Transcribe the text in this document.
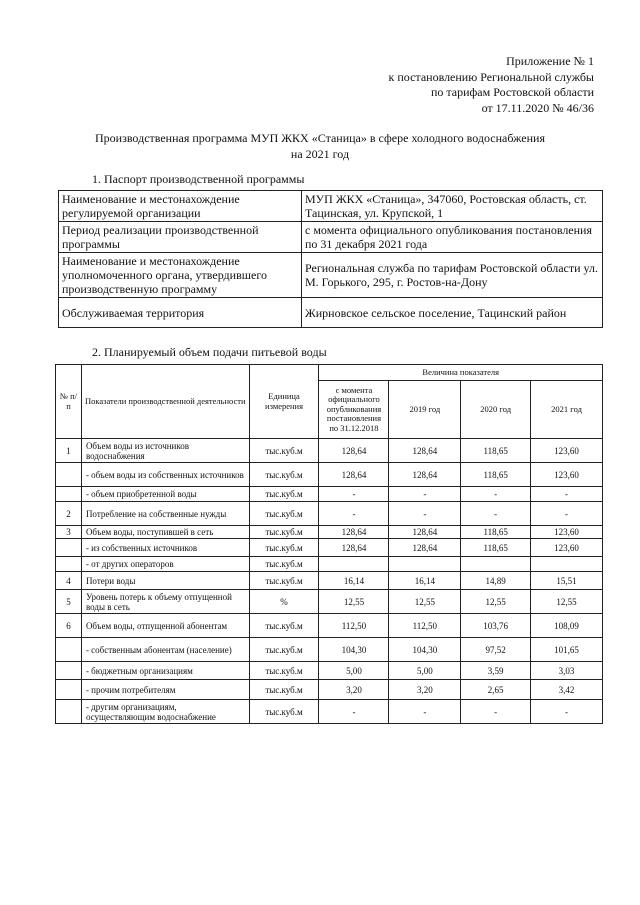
Приложение № 1
к постановлению Региональной службы
по тарифам Ростовской области
от 17.11.2020 № 46/36
Производственная программа МУП ЖКХ «Станица» в сфере холодного водоснабжения
на 2021 год
1. Паспорт производственной программы
Наименование и местонахождение регулируемой организации	МУП ЖКХ «Станица», 347060, Ростовская область, ст. Тацинская, ул. Крупской, 1
Период реализации производственной программы	с момента официального опубликования постановления по 31 декабря 2021 года
Наименование и местонахождение уполномоченного органа, утвердившего производственную программу	Региональная служба по тарифам Ростовской области ул. М. Горького, 295, г. Ростов-на-Дону
Обслуживаемая территория	Жирновское сельское поселение, Тацинский район
2. Планируемый объем подачи питьевой воды
№ п/п	Показатели производственной деятельности	Единица измерения	Величина показателя			
			с момента официального опубликования постановления по 31.12.2018	2019 год	2020 год	2021 год
1	Объем воды из источников водоснабжения	тыс.куб.м	128,64	128,64	118,65	123,60
	- объем воды из собственных источников	тыс.куб.м	128,64	128,64	118,65	123,60
	- объем приобретенной воды	тыс.куб.м	-	-	-	-
2	Потребление на собственные нужды	тыс.куб.м	-	-	-	-
3	Объем воды, поступившей в сеть	тыс.куб.м	128,64	128,64	118,65	123,60
	- из собственных источников	тыс.куб.м	128,64	128,64	118,65	123,60
	- от других операторов	тыс.куб.м				
4	Потери воды	тыс.куб.м	16,14	16,14	14,89	15,51
5	Уровень потерь к объему отпущенной воды в сеть	%	12,55	12,55	12,55	12,55
6	Объем воды, отпущенной абонентам	тыс.куб.м	112,50	112,50	103,76	108,09
	- собственным абонентам (население)	тыс.куб.м	104,30	104,30	97,52	101,65
	- бюджетным организациям	тыс.куб.м	5,00	5,00	3,59	3,03
	- прочим потребителям	тыс.куб.м	3,20	3,20	2,65	3,42
	- другим организациям, осуществляющим водоснабжение	тыс.куб.м	-	-	-	-
